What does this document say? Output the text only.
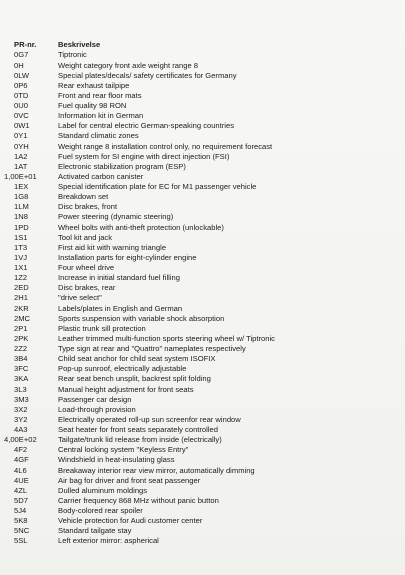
PR-nr.	Beskrivelse
0G7	Tiptronic
0H	Weight category front axle weight range 8
0LW	Special plates/decals/ safety certificates for Germany
0P6	Rear exhaust tailpipe
0TD	Front and rear floor mats
0U0	Fuel quality 98 RON
0VC	Information kit in German
0W1	Label for central electric German-speaking countries
0Y1	Standard climatic zones
0YH	Weight range 8 installation control only, no requirement forecast
1A2	Fuel system for SI engine with direct injection (FSI)
1AT	Electronic stabilization program (ESP)
1,00E+01	Activated carbon canister
1EX	Special identification plate for EC for M1 passenger vehicle
1G8	Breakdown set
1LM	Disc brakes, front
1N8	Power steering (dynamic steering)
1PD	Wheel bolts with anti-theft protection (unlockable)
1S1	Tool kit and jack
1T3	First aid kit with warning triangle
1VJ	Installation parts for eight-cylinder engine
1X1	Four wheel drive
1Z2	Increase in initial standard fuel filling
2ED	Disc brakes, rear
2H1	"drive select"
2KR	Labels/plates in English and German
2MC	Sports suspension with variable shock absorption
2P1	Plastic trunk sill protection
2PK	Leather trimmed multi-function sports steering wheel w/ Tiptronic
2Z2	Type sign at rear and "Quattro" nameplates respectively
3B4	Child seat anchor for child seat system ISOFIX
3FC	Pop-up sunroof, electrically adjustable
3KA	Rear seat bench unsplit, backrest split folding
3L3	Manual height adjustment for front seats
3M3	Passenger car design
3X2	Load-through provision
3Y2	Electrically operated roll-up sun screenfor rear window
4A3	Seat heater for front seats separately controlled
4,00E+02	Tailgate/trunk lid release from inside (electrically)
4F2	Central locking system "Keyless Entry"
4GF	Windshield in heat-insulating glass
4L6	Breakaway interior rear view mirror, automatically dimming
4UE	Air bag for driver and front seat passenger
4ZL	Dulled aluminum moldings
5D7	Carrier frequency 868 MHz without panic button
5J4	Body-colored rear spoiler
5K8	Vehicle protection for Audi customer center
5NC	Standard tailgate stay
5SL	Left exterior mirror: aspherical
